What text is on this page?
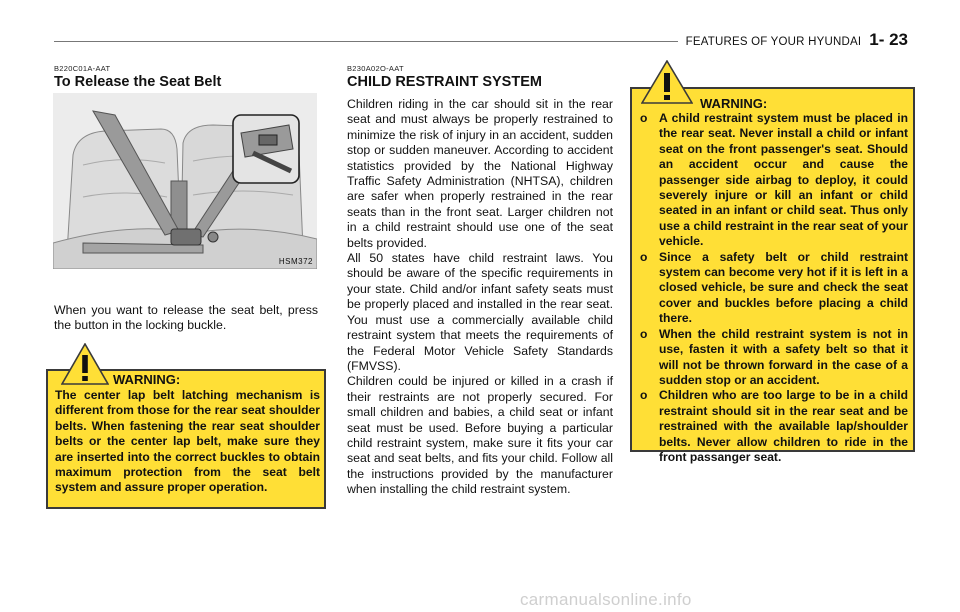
FEATURES OF YOUR HYUNDAI 1- 23
B220C01A-AAT
To Release the Seat Belt
HSM372
When you want to release the seat belt, press the button in the locking buckle.
WARNING:
The center lap belt latching mechanism is different from those for the rear seat shoulder belts. When fastening the rear seat shoulder belts or the center lap belt, make sure they are inserted into the correct buckles to obtain maximum protection from the seat belt system and assure proper operation.
B230A02O-AAT
CHILD RESTRAINT SYSTEM
Children riding in the car should sit in the rear seat and must always be properly restrained to minimize the risk of injury in an accident, sudden stop or sudden maneuver. According to accident statistics provided by the National Highway Traffic Safety Administration (NHTSA), children are safer when properly restrained in the rear seats than in the front seat. Larger children not in a child restraint should use one of the seat belts provided.
All 50 states have child restraint laws. You should be aware of the specific requirements in your state. Child and/or infant safety seats must be properly placed and installed in the rear seat. You must use a commercially available child restraint system that meets the requirements of the Federal Motor Vehicle Safety Standards (FMVSS).
Children could be injured or killed in a crash if their restraints are not properly secured. For small children and babies, a child seat or infant seat must be used. Before buying a particular child restraint system, make sure it fits your car seat and seat belts, and fits your child. Follow all the instructions provided by the manufacturer when installing the child restraint system.
WARNING:
o A child restraint system must be placed in the rear seat. Never install a child or infant seat on the front passenger's seat. Should an accident occur and cause the passenger side airbag to deploy, it could severely injure or kill an infant or child seated in an infant or child seat. Thus only use a child restraint in the rear seat of your vehicle.
o Since a safety belt or child restraint system can become very hot if it is left in a closed vehicle, be sure and check the seat cover and buckles before placing a child there.
o When the child restraint system is not in use, fasten it with a safety belt so that it will not be thrown forward in the case of a sudden stop or an accident.
o Children who are too large to be in a child restraint should sit in the rear seat and be restrained with the available lap/shoulder belts. Never allow children to ride in the front passanger seat.
carmanualsonline.info
